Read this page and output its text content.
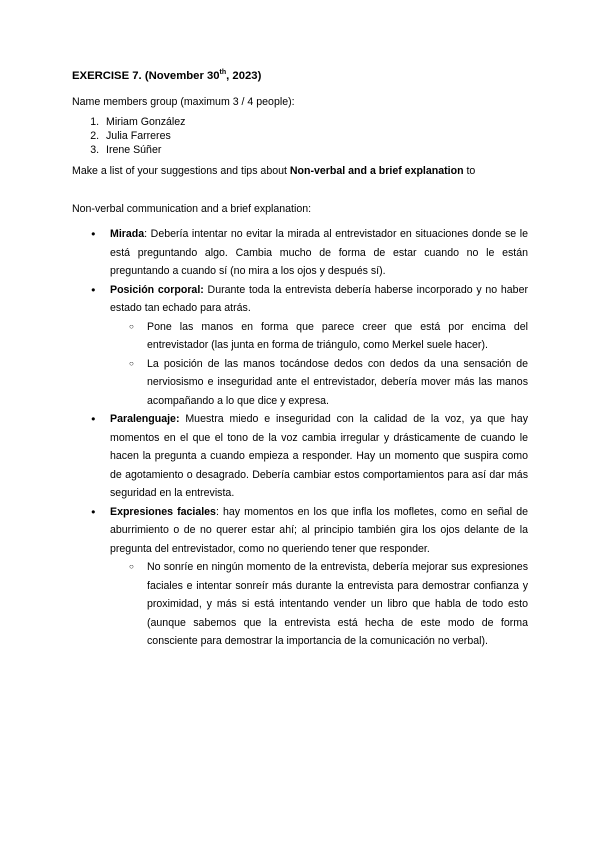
EXERCISE 7. (November 30th, 2023)

Name members group (maximum 3 / 4 people):

1. Miriam González
2. Julia Farreres
3. Irene Súñer

Make a list of your suggestions and tips about Non-verbal and a brief explanation to

Non-verbal communication and a brief explanation:

● Mirada: Debería intentar no evitar la mirada al entrevistador en situaciones donde se le está preguntando algo. Cambia mucho de forma de estar cuando no le están preguntando a cuando sí (no mira a los ojos y después sí).
● Posición corporal: Durante toda la entrevista debería haberse incorporado y no haber estado tan echado para atrás.
○ Pone las manos en forma que parece creer que está por encima del entrevistador (las junta en forma de triángulo, como Merkel suele hacer).
○ La posición de las manos tocándose dedos con dedos da una sensación de nerviosismo e inseguridad ante el entrevistador, debería mover más las manos acompañando a lo que dice y expresa.
● Paralenguaje: Muestra miedo e inseguridad con la calidad de la voz, ya que hay momentos en el que el tono de la voz cambia irregular y drásticamente de cuando le hacen la pregunta a cuando empieza a responder. Hay un momento que suspira como de agotamiento o desagrado. Debería cambiar estos comportamientos para así dar más seguridad en la entrevista.
● Expresiones faciales: hay momentos en los que infla los mofletes, como en señal de aburrimiento o de no querer estar ahí; al principio también gira los ojos delante de la pregunta del entrevistador, como no queriendo tener que responder.
○ No sonríe en ningún momento de la entrevista, debería mejorar sus expresiones faciales e intentar sonreír más durante la entrevista para demostrar confianza y proximidad, y más si está intentando vender un libro que habla de todo esto (aunque sabemos que la entrevista está hecha de este modo de forma consciente para demostrar la importancia de la comunicación no verbal).
